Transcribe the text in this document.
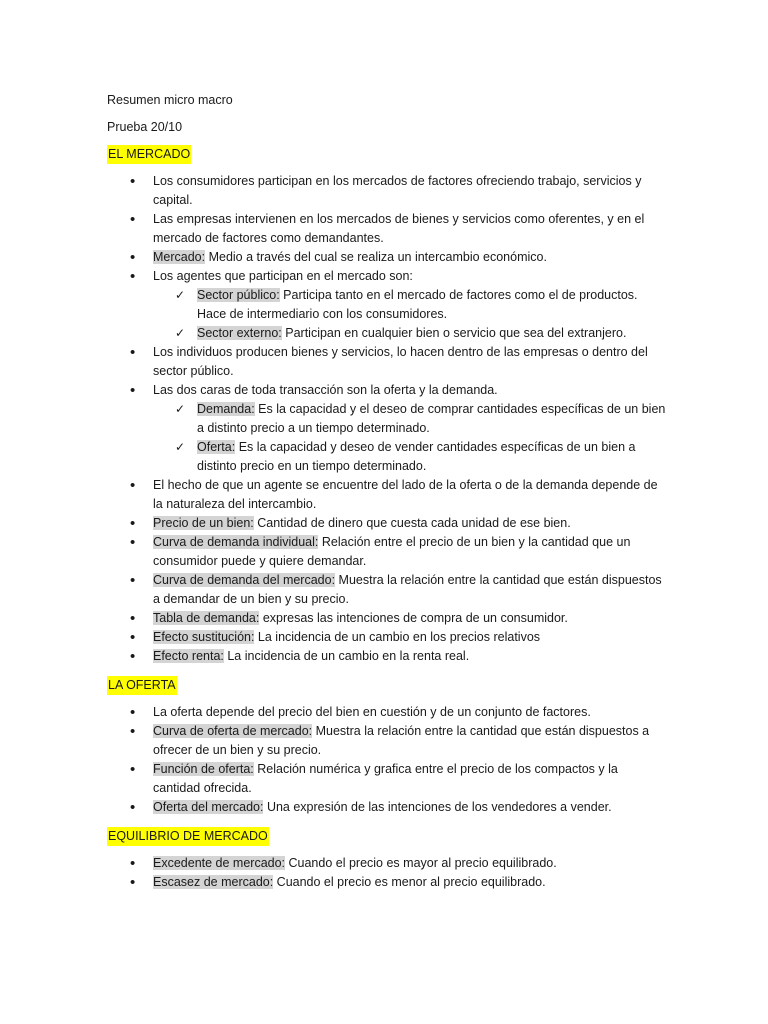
Resumen micro macro
Prueba 20/10
EL MERCADO
• Los consumidores participan en los mercados de factores ofreciendo trabajo, servicios y capital.
• Las empresas intervienen en los mercados de bienes y servicios como oferentes, y en el mercado de factores como demandantes.
• Mercado: Medio a través del cual se realiza un intercambio económico.
• Los agentes que participan en el mercado son:
✓ Sector público: Participa tanto en el mercado de factores como el de productos. Hace de intermediario con los consumidores.
✓ Sector externo: Participan en cualquier bien o servicio que sea del extranjero.
• Los individuos producen bienes y servicios, lo hacen dentro de las empresas o dentro del sector público.
• Las dos caras de toda transacción son la oferta y la demanda.
✓ Demanda: Es la capacidad y el deseo de comprar cantidades específicas de un bien a distinto precio a un tiempo determinado.
✓ Oferta: Es la capacidad y deseo de vender cantidades específicas de un bien a distinto precio en un tiempo determinado.
• El hecho de que un agente se encuentre del lado de la oferta o de la demanda depende de la naturaleza del intercambio.
• Precio de un bien: Cantidad de dinero que cuesta cada unidad de ese bien.
• Curva de demanda individual: Relación entre el precio de un bien y la cantidad que un consumidor puede y quiere demandar.
• Curva de demanda del mercado: Muestra la relación entre la cantidad que están dispuestos a demandar de un bien y su precio.
• Tabla de demanda: expresas las intenciones de compra de un consumidor.
• Efecto sustitución: La incidencia de un cambio en los precios relativos
• Efecto renta: La incidencia de un cambio en la renta real.
LA OFERTA
• La oferta depende del precio del bien en cuestión y de un conjunto de factores.
• Curva de oferta de mercado: Muestra la relación entre la cantidad que están dispuestos a ofrecer de un bien y su precio.
• Función de oferta: Relación numérica y grafica entre el precio de los compactos y la cantidad ofrecida.
• Oferta del mercado: Una expresión de las intenciones de los vendedores a vender.
EQUILIBRIO DE MERCADO
• Excedente de mercado: Cuando el precio es mayor al precio equilibrado.
• Escasez de mercado: Cuando el precio es menor al precio equilibrado.
